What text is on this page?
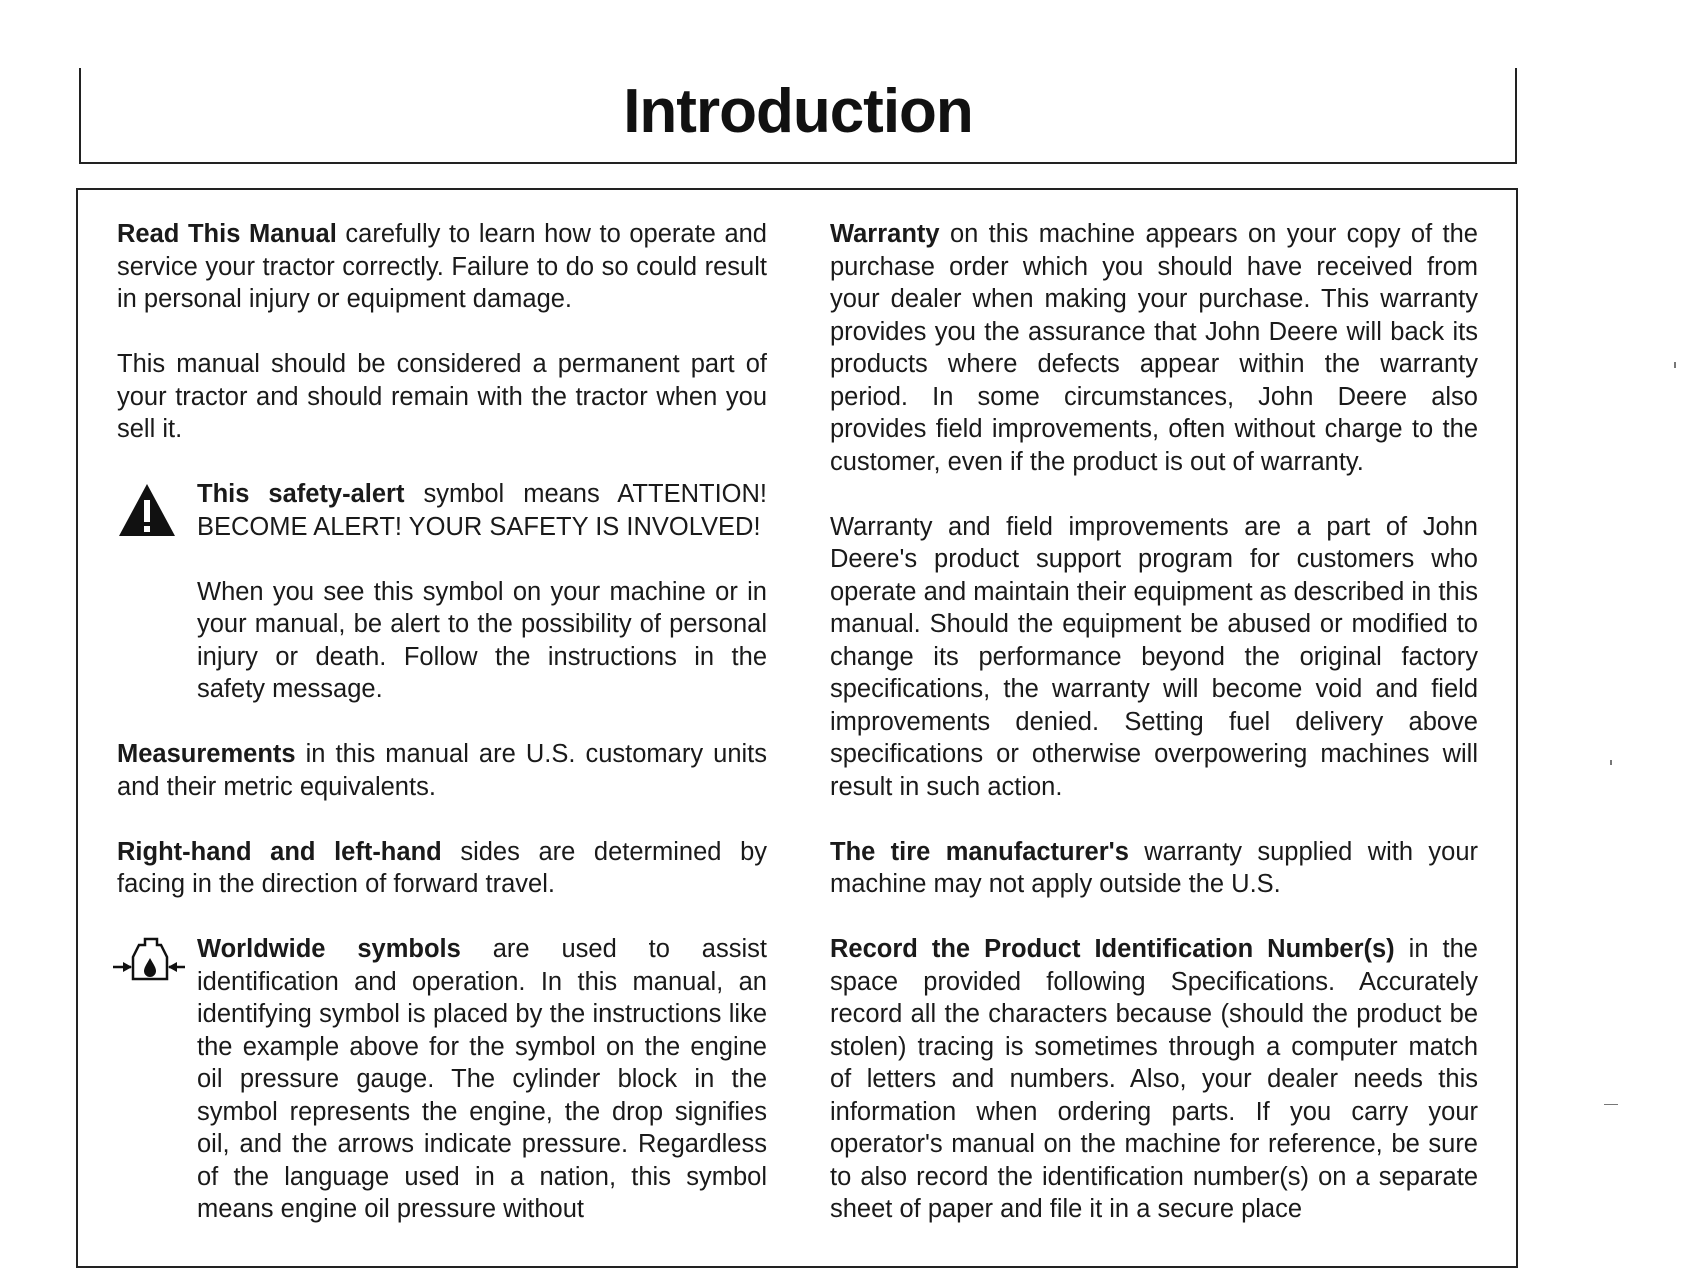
Introduction

Read This Manual carefully to learn how to operate and service your tractor correctly. Failure to do so could result in personal injury or equipment damage.

This manual should be considered a permanent part of your tractor and should remain with the tractor when you sell it.

This safety-alert symbol means ATTENTION! BECOME ALERT! YOUR SAFETY IS INVOLVED!

When you see this symbol on your machine or in your manual, be alert to the possibility of personal injury or death. Follow the instructions in the safety message.

Measurements in this manual are U.S. customary units and their metric equivalents.

Right-hand and left-hand sides are determined by facing in the direction of forward travel.

Worldwide symbols are used to assist identification and operation. In this manual, an identifying symbol is placed by the instructions like the example above for the symbol on the engine oil pressure gauge. The cylinder block in the symbol represents the engine, the drop signifies oil, and the arrows indicate pressure. Regardless of the language used in a nation, this symbol means engine oil pressure without

Warranty on this machine appears on your copy of the purchase order which you should have received from your dealer when making your purchase. This warranty provides you the assurance that John Deere will back its products where defects appear within the warranty period. In some circumstances, John Deere also provides field improvements, often without charge to the customer, even if the product is out of warranty.

Warranty and field improvements are a part of John Deere's product support program for customers who operate and maintain their equipment as described in this manual. Should the equipment be abused or modified to change its performance beyond the original factory specifications, the warranty will become void and field improvements denied. Setting fuel delivery above specifications or otherwise overpowering machines will result in such action.

The tire manufacturer's warranty supplied with your machine may not apply outside the U.S.

Record the Product Identification Number(s) in the space provided following Specifications. Accurately record all the characters because (should the product be stolen) tracing is sometimes through a computer match of letters and numbers. Also, your dealer needs this information when ordering parts. If you carry your operator's manual on the machine for reference, be sure to also record the identification number(s) on a separate sheet of paper and file it in a secure place
